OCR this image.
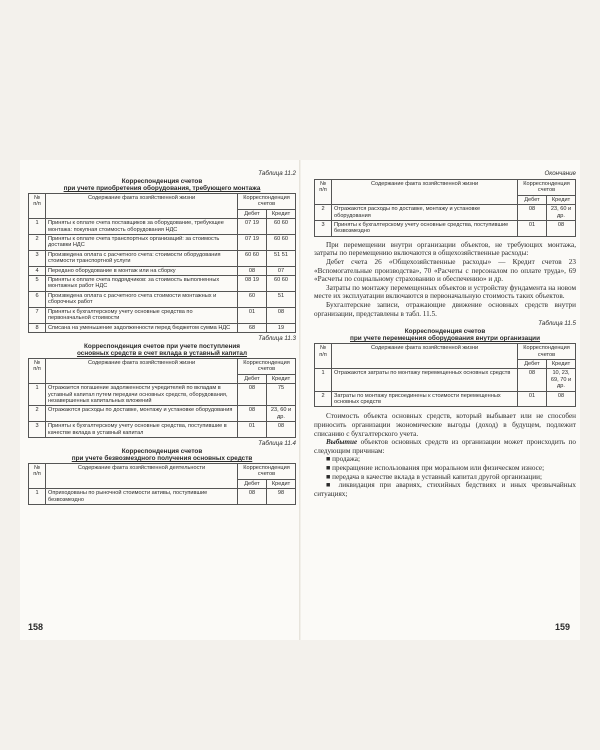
Таблица 11.2
Корреспонденция счетов
при учете приобретения оборудования, требующего монтажа
№ п/п	Содержание факта хозяйственной жизни	Корреспонденция счетов	
		Дебет	Кредит
1	Приняты к оплате счета поставщиков за оборудование, требующее монтажа: покупная стоимость оборудования НДС	07 19	60 60
2	Приняты к оплате счета транспортных организаций: за стоимость доставки НДС	07 19	60 60
3	Произведена оплата с расчетного счета: стоимости оборудования стоимости транспортной услуги	60 60	51 51
4	Передано оборудование в монтаж или на сборку	08	07
5	Приняты к оплате счета подрядчиков: за стоимость выполненных монтажных работ НДС	08 19	60 60
6	Произведена оплата с расчетного счета стоимости монтажных и сборочных работ	60	51
7	Приняты к бухгалтерскому учету основные средства по первоначальной стоимости	01	08
8	Списана на уменьшение задолженности перед бюджетом сумма НДС	68	19
Таблица 11.3
Корреспонденция счетов при учете поступления
основных средств в счет вклада в уставный капитал
№ п/п	Содержание факта хозяйственной жизни	Корреспонденция счетов	
		Дебет	Кредит
1	Отражается погашение задолженности учредителей по вкладам в уставный капитал путем передачи основных средств, оборудования, незавершенных капитальных вложений	08	75
2	Отражаются расходы по доставке, монтажу и установке оборудования	08	23, 60 и др.
3	Приняты к бухгалтерскому учету основные средства, поступившие в качестве вклада в уставный капитал	01	08
Таблица 11.4
Корреспонденция счетов
при учете безвозмездного получения основных средств
№ п/п	Содержание факта хозяйственной деятельности	Корреспонденция счетов	
		Дебет	Кредит
1	Оприходованы по рыночной стоимости активы, поступившие безвозмездно	08	98
Окончание
№ п/п	Содержание факта хозяйственной жизни	Корреспонденция счетов	
		Дебет	Кредит
2	Отражаются расходы по доставке, монтажу и установке оборудования	08	23, 60 и др.
3	Приняты к бухгалтерскому учету основные средства, поступившие безвозмездно	01	08

При перемещении внутри организации объектов, не требующих монтажа, затраты по перемещению включаются в общехозяйственные расходы:

Дебет счета 26 «Общехозяйственные расходы» — Кредит счетов 23 «Вспомогательные производства», 70 «Расчеты с персоналом по оплате труда», 69 «Расчеты по социальному страхованию и обеспечению» и др.

Затраты по монтажу перемещенных объектов и устройству фундамента на новом месте их эксплуатации включаются в первоначальную стоимость таких объектов.

Бухгалтерские записи, отражающие движение основных средств внутри организации, представлены в табл. 11.5.

Таблица 11.5
Корреспонденция счетов
при учете перемещения оборудования внутри организации
№ п/п	Содержание факта хозяйственной жизни	Корреспонденция счетов	
		Дебет	Кредит
1	Отражаются затраты по монтажу перемещенных основных средств	08	10, 23, 69, 70 и др.
2	Затраты по монтажу присоединены к стоимости перемещенных основных средств	01	08

Стоимость объекта основных средств, который выбывает или не способен приносить организации экономические выгоды (доход) в будущем, подлежит списанию с бухгалтерского учета.

Выбытие объектов основных средств из организации может происходить по следующим причинам:

■ продажа;

■ прекращение использования при моральном или физическом износе;

■ передача в качестве вклада в уставный капитал другой организации;

■ ликвидация при авариях, стихийных бедствиях и иных чрезвычайных ситуациях;

158	159
